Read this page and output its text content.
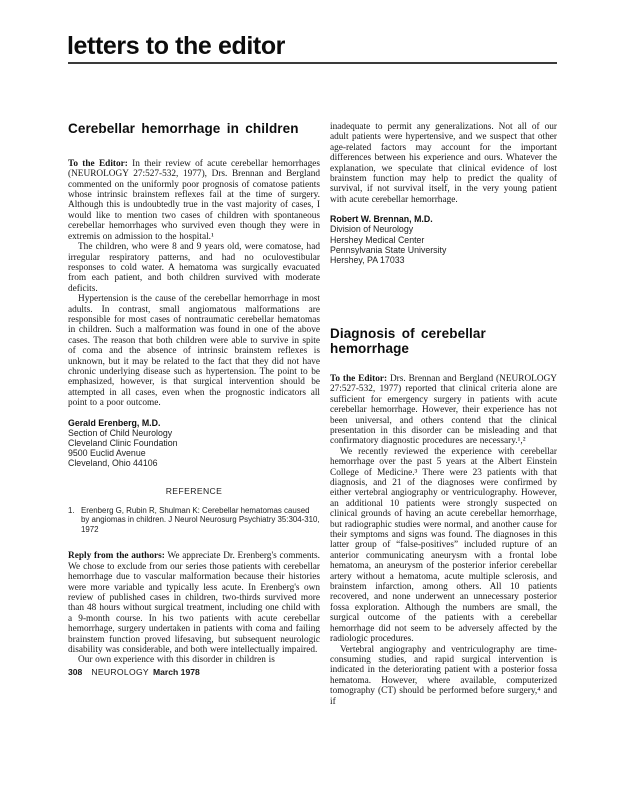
letters to the editor
Cerebellar hemorrhage in children

To the Editor: In their review of acute cerebellar hemorrhages (NEUROLOGY 27:527-532, 1977), Drs. Brennan and Bergland commented on the uniformly poor prognosis of comatose patients whose intrinsic brainstem reflexes fail at the time of surgery. Although this is undoubtedly true in the vast majority of cases, I would like to mention two cases of children with spontaneous cerebellar hemorrhages who survived even though they were in extremis on admission to the hospital.¹

The children, who were 8 and 9 years old, were comatose, had irregular respiratory patterns, and had no oculovestibular responses to cold water. A hematoma was surgically evacuated from each patient, and both children survived with moderate deficits.

Hypertension is the cause of the cerebellar hemorrhage in most adults. In contrast, small angiomatous malformations are responsible for most cases of nontraumatic cerebellar hematomas in children. Such a malformation was found in one of the above cases. The reason that both children were able to survive in spite of coma and the absence of intrinsic brainstem reflexes is unknown, but it may be related to the fact that they did not have chronic underlying disease such as hypertension. The point to be emphasized, however, is that surgical intervention should be attempted in all cases, even when the prognostic indicators all point to a poor outcome.

Gerald Erenberg, M.D.
Section of Child Neurology
Cleveland Clinic Foundation
9500 Euclid Avenue
Cleveland, Ohio 44106
REFERENCE
1. Erenberg G, Rubin R, Shulman K: Cerebellar hematomas caused by angiomas in children. J Neurol Neurosurg Psychiatry 35:304-310, 1972

Reply from the authors: We appreciate Dr. Erenberg's comments. We chose to exclude from our series those patients with cerebellar hemorrhage due to vascular malformation because their histories were more variable and typically less acute. In Erenberg's own review of published cases in children, two-thirds survived more than 48 hours without surgical treatment, including one child with a 9-month course. In his two patients with acute cerebellar hemorrhage, surgery undertaken in patients with coma and failing brainstem function proved lifesaving, but subsequent neurologic disability was considerable, and both were intellectually impaired.

Our own experience with this disorder in children is

inadequate to permit any generalizations. Not all of our adult patients were hypertensive, and we suspect that other age-related factors may account for the important differences between his experience and ours. Whatever the explanation, we speculate that clinical evidence of lost brainstem function may help to predict the quality of survival, if not survival itself, in the very young patient with acute cerebellar hemorrhage.

Robert W. Brennan, M.D.
Division of Neurology
Hershey Medical Center
Pennsylvania State University
Hershey, PA 17033
Diagnosis of cerebellar hemorrhage

To the Editor: Drs. Brennan and Bergland (NEUROLOGY 27:527-532, 1977) reported that clinical criteria alone are sufficient for emergency surgery in patients with acute cerebellar hemorrhage. However, their experience has not been universal, and others contend that the clinical presentation in this disorder can be misleading and that confirmatory diagnostic procedures are necessary.¹,²

We recently reviewed the experience with cerebellar hemorrhage over the past 5 years at the Albert Einstein College of Medicine.³ There were 23 patients with that diagnosis, and 21 of the diagnoses were confirmed by either vertebral angiography or ventriculography. However, an additional 10 patients were strongly suspected on clinical grounds of having an acute cerebellar hemorrhage, but radiographic studies were normal, and another cause for their symptoms and signs was found. The diagnoses in this latter group of “false-positives” included rupture of an anterior communicating aneurysm with a frontal lobe hematoma, an aneurysm of the posterior inferior cerebellar artery without a hematoma, acute multiple sclerosis, and brainstem infarction, among others. All 10 patients recovered, and none underwent an unnecessary posterior fossa exploration. Although the numbers are small, the surgical outcome of the patients with a cerebellar hemorrhage did not seem to be adversely affected by the radiologic procedures.

Vertebral angiography and ventriculography are time-consuming studies, and rapid surgical intervention is indicated in the deteriorating patient with a posterior fossa hematoma. However, where available, computerized tomography (CT) should be performed before surgery,⁴ and if

308 NEUROLOGY March 1978
